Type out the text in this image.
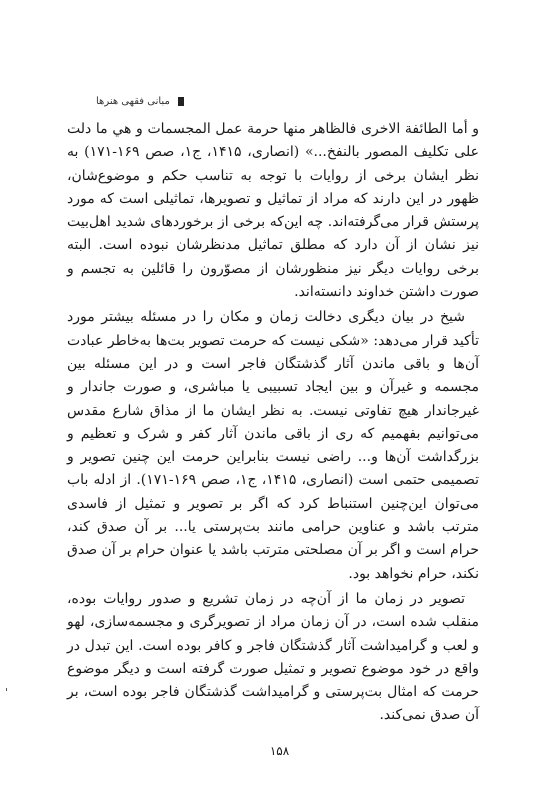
مبانی فقهی هنرها

و أما الطائفة الاخرى فالظاهر منها حرمة عمل المجسمات و هي ما دلت على تکلیف المصور بالنفخ...» (انصاری، ۱۴۱۵، ج۱، صص ۱۶۹-۱۷۱) به نظر ایشان برخی از روایات با توجه به تناسب حکم و موضوع‌شان، ظهور در این دارند که مراد از تماثیل و تصویرها، تماثیلی است که مورد پرستش قرار می‌گرفته‌اند. چه این‌که برخی از برخوردهای شدید اهل‌بیت نیز نشان از آن دارد که مطلق تماثیل مدنظرشان نبوده است. البته برخی روایات دیگر نیز منظورشان از مصوّرون را قائلین به تجسم و صورت داشتن خداوند دانسته‌اند.

شیخ در بیان دیگری دخالت زمان و مکان را در مسئله بیشتر مورد تأکید قرار می‌دهد: «شکی نیست که حرمت تصویر بت‌ها به‌خاطر عبادت آن‌ها و باقی ماندن آثار گذشتگان فاجر است و در این مسئله بین مجسمه و غیرآن و بین ایجاد تسبیبی یا مباشری، و صورت جاندار و غیرجاندار هیچ تفاوتی نیست. به نظر ایشان ما از مذاق شارع مقدس می‌توانیم بفهمیم که ری از باقی ماندن آثار کفر و شرک و تعظیم و بزرگداشت آن‌ها و... راضی نیست بنابراین حرمت این چنین تصویر و تصمیمی حتمی است (انصاری، ۱۴۱۵، ج۱، صص ۱۶۹-۱۷۱). از ادله باب می‌توان این‌چنین استنباط کرد که اگر بر تصویر و تمثیل از فاسدی مترتب باشد و عناوین حرامی مانند بت‌پرستی یا... بر آن صدق کند، حرام است و اگر بر آن مصلحتی مترتب باشد یا عنوان حرام بر آن صدق نکند، حرام نخواهد بود.

تصویر در زمان ما از آن‌چه در زمان تشریع و صدور روایات بوده، منقلب شده است، در آن زمان مراد از تصویرگری و مجسمه‌سازی، لهو و لعب و گرامیداشت آثار گذشتگان فاجر و کافر بوده است. این تبدل در واقع در خود موضوع تصویر و تمثیل صورت گرفته است و دیگر موضوع حرمت که امثال بت‌پرستی و گرامیداشت گذشتگان فاجر بوده است، بر آن صدق نمی‌کند.

۱۵۸
